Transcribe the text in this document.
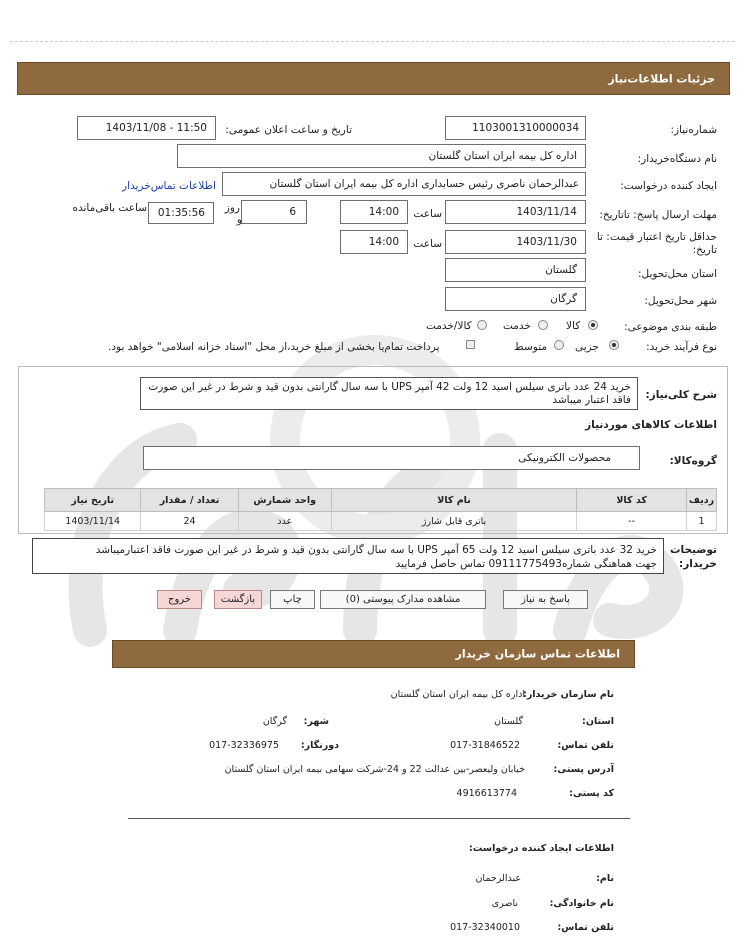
جزئیات اطلاعات‌نیاز
شماره‌نیاز:
1103001310000034
تاریخ و ساعت اعلان عمومی:
1403/11/08 - 11:50
نام دستگاه‌خریدار:
اداره کل بیمه ایران استان گلستان
ایجاد کننده درخواست:
عبدالرحمان ناصری رئیس حسابداری اداره کل بیمه ایران استان گلستان
اطلاعات تماس‌خریدار
مهلت ارسال پاسخ: تاتاریخ:
1403/11/14
ساعت
14:00
6
روز
و
01:35:56
ساعت باقی‌مانده
حداقل تاریخ اعتبار قیمت: تا تاریخ:
1403/11/30
ساعت
14:00
استان محل‌تحویل:
گلستان
شهر محل‌تحویل:
گرگان
طبقه بندی موضوعی:
کالا
خدمت
کالا/خدمت
نوع فرآیند خرید:
جزیی
متوسط
پرداخت تمام‌یا بخشی از مبلغ خرید،از محل "اسناد خزانه اسلامی" خواهد بود.
شرح کلی‌نیاز:
خرید 24 عدد باتری سیلس اسید 12 ولت 42 آمپر UPS با سه سال گارانتی بدون قید و شرط در غیر این صورت فاقد اعتبار میباشد
اطلاعات کالاهای موردنیاز
گروه‌کالا:
محصولات الکترونیکی
ردیف	کد کالا	نام کالا	واحد شمارش	تعداد / مقدار	تاریخ نیاز
1	--	باتری قابل شارژ	عدد	24	1403/11/14
توضیحات خریدار:
خرید 32 عدد باتری سیلس اسید 12 ولت 65 آمپر UPS با سه سال گارانتی بدون قید و شرط در غیر این صورت فاقد اعتبارمیباشد
جهت هماهنگی شماره09111775493 تماس حاصل فرمایید
پاسخ به نیاز
مشاهده مدارک پیوستی (0)
چاپ
بازگشت
خروج
اطلاعات تماس سازمان خریدار
نام سازمان خریدار:
اداره کل بیمه ایران استان گلستان
استان:
گلستان
شهر:
گرگان
تلفن تماس:
017-31846522
دورنگار:
017-32336975
آدرس پستی:
خیابان ولیعصر-بین عدالت 22 و 24-شرکت سهامی بیمه ایران استان گلستان
کد پستی:
4916613774
اطلاعات ایجاد کننده درخواست:
نام:
عبدالرحمان
نام خانوادگی:
ناصری
تلفن تماس:
017-32340010
